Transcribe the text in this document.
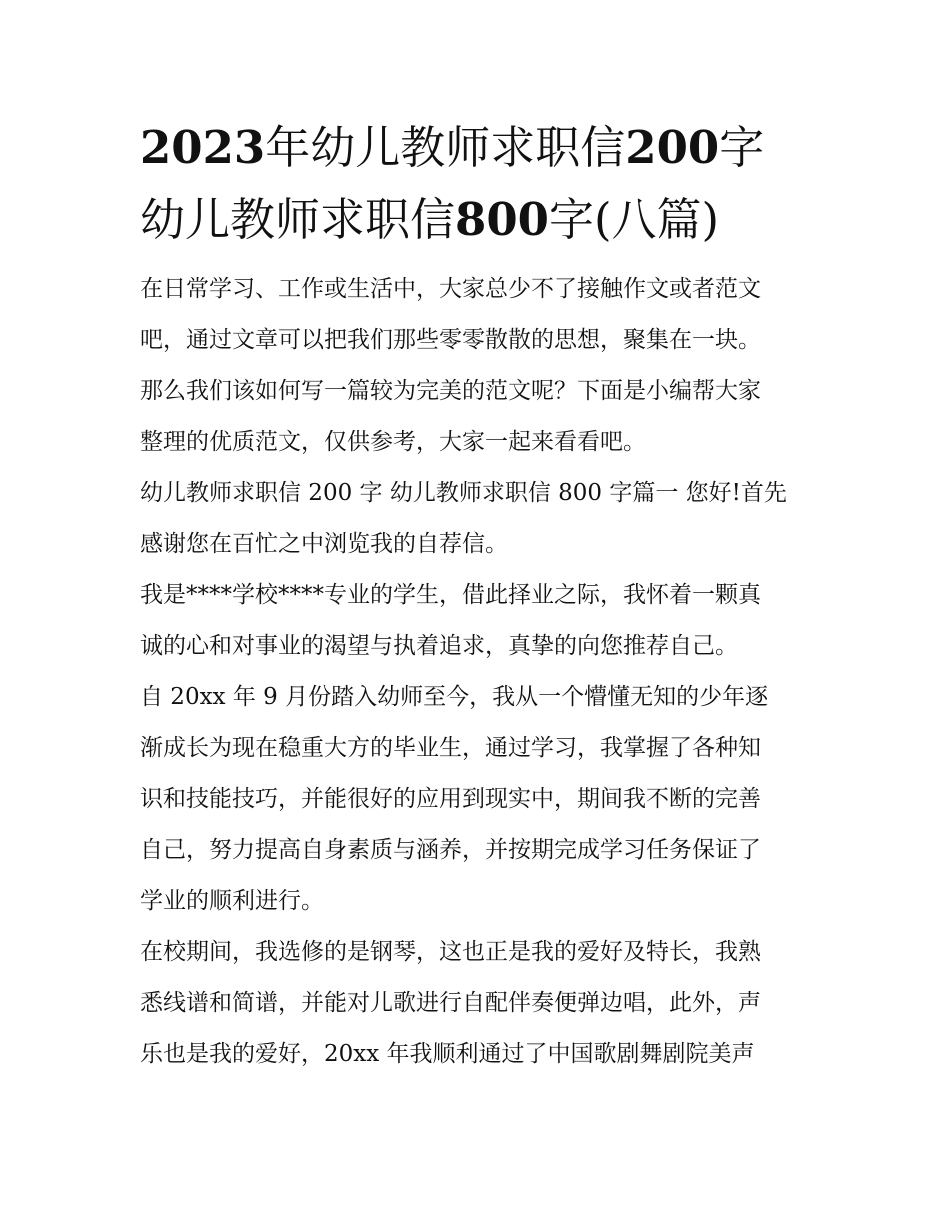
2023年幼儿教师求职信200字
幼儿教师求职信800字(八篇)

在日常学习、工作或生活中，大家总少不了接触作文或者范文
吧，通过文章可以把我们那些零零散散的思想，聚集在一块。
那么我们该如何写一篇较为完美的范文呢？下面是小编帮大家
整理的优质范文，仅供参考，大家一起来看看吧。

幼儿教师求职信 200 字 幼儿教师求职信 800 字篇一 您好!首先
感谢您在百忙之中浏览我的自荐信。

我是****学校****专业的学生，借此择业之际，我怀着一颗真
诚的心和对事业的渴望与执着追求，真挚的向您推荐自己。

自 20xx 年 9 月份踏入幼师至今，我从一个懵懂无知的少年逐
渐成长为现在稳重大方的毕业生，通过学习，我掌握了各种知
识和技能技巧，并能很好的应用到现实中，期间我不断的完善
自己，努力提高自身素质与涵养，并按期完成学习任务保证了
学业的顺利进行。

在校期间，我选修的是钢琴，这也正是我的爱好及特长，我熟
悉线谱和简谱，并能对儿歌进行自配伴奏便弹边唱，此外，声
乐也是我的爱好，20xx 年我顺利通过了中国歌剧舞剧院美声
